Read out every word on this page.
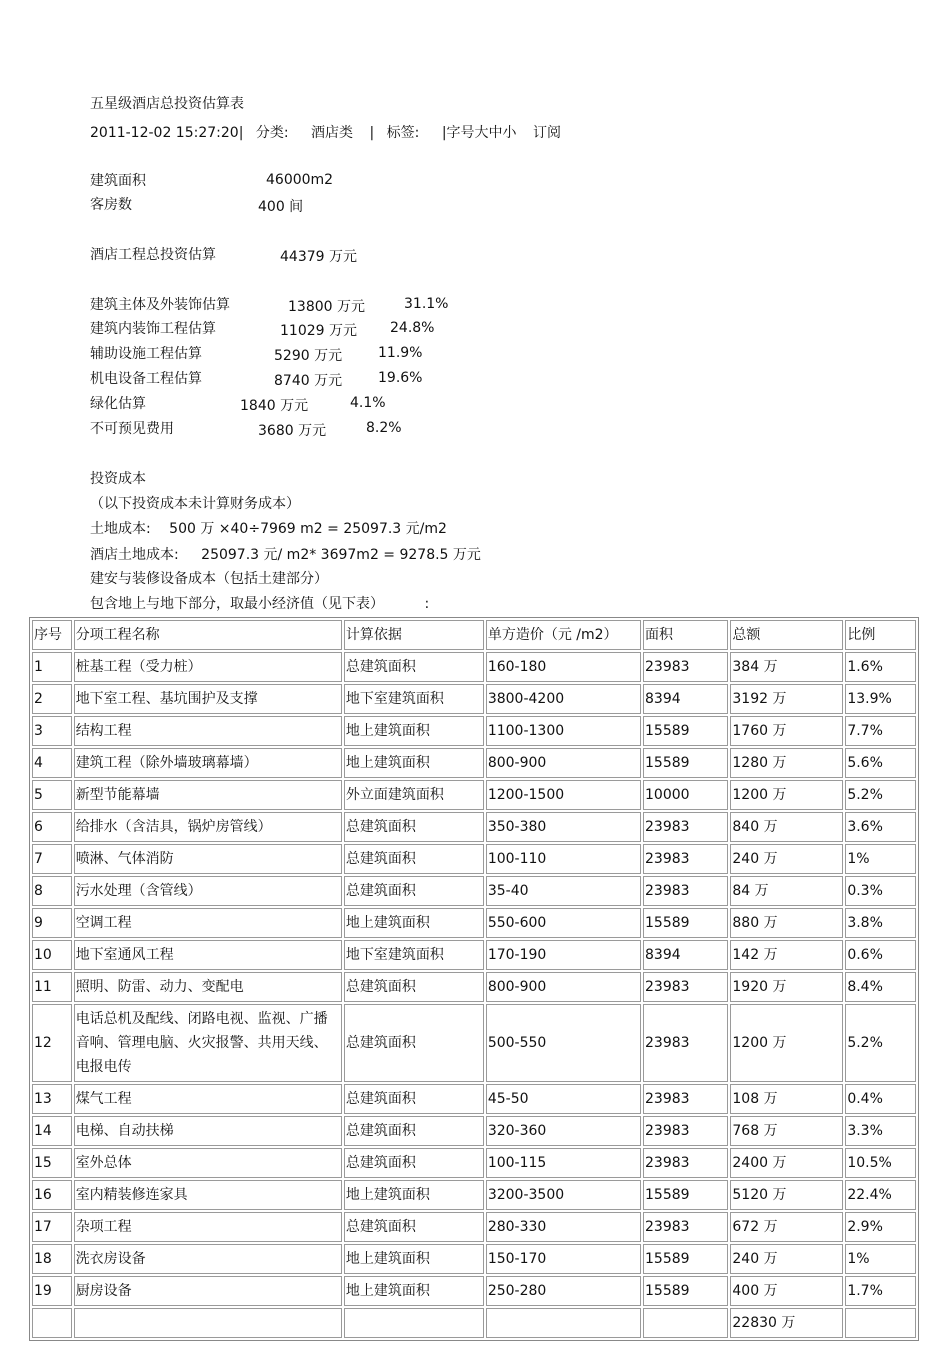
五星级酒店总投资估算表
2011-12-02 15:27:20| 分类: 酒店类 | 标签: |字号大中小 订阅
建筑面积	46000m2
客房数	400 间
酒店工程总投资估算	44379 万元
建筑主体及外装饰估算	13800 万元	31.1%
建筑内装饰工程估算	11029 万元 24.8%
辅助设施工程估算	5290 万元	11.9%
机电设备工程估算	8740 万元	19.6%
绿化估算	1840 万元	4.1%
不可预见费用	3680 万元	8.2%
投资成本
（以下投资成本未计算财务成本）
土地成本: 500 万 ×40÷7969 m2 = 25097.3 元/m2
酒店土地成本: 25097.3 元/ m2* 3697m2 = 9278.5 万元
建安与装修设备成本（包括土建部分）
包含地上与地下部分，取最小经济值（见下表）	:
序号	分项工程名称	计算依据	单方造价（元 /m2）	面积	总额	比例
1	桩基工程（受力桩）	总建筑面积	160-180	23983	384 万	1.6%
2	地下室工程、基坑围护及支撑	地下室建筑面积	3800-4200	8394	3192 万	13.9%
3	结构工程	地上建筑面积	1100-1300	15589	1760 万	7.7%
4	建筑工程（除外墙玻璃幕墙）	地上建筑面积	800-900	15589	1280 万	5.6%
5	新型节能幕墙	外立面建筑面积	1200-1500	10000	1200 万	5.2%
6	给排水（含洁具，锅炉房管线）	总建筑面积	350-380	23983	840 万	3.6%
7	喷淋、气体消防	总建筑面积	100-110	23983	240 万	1%
8	污水处理（含管线）	总建筑面积	35-40	23983	84 万	0.3%
9	空调工程	地上建筑面积	550-600	15589	880 万	3.8%
10	地下室通风工程	地下室建筑面积	170-190	8394	142 万	0.6%
11	照明、防雷、动力、变配电	总建筑面积	800-900	23983	1920 万	8.4%
12	电话总机及配线、闭路电视、监视、广播音响、管理电脑、火灾报警、共用天线、电报电传	总建筑面积	500-550	23983	1200 万	5.2%
13	煤气工程	总建筑面积	45-50	23983	108 万	0.4%
14	电梯、自动扶梯	总建筑面积	320-360	23983	768 万	3.3%
15	室外总体	总建筑面积	100-115	23983	2400 万	10.5%
16	室内精装修连家具	地上建筑面积	3200-3500	15589	5120 万	22.4%
17	杂项工程	总建筑面积	280-330	23983	672 万	2.9%
18	洗衣房设备	地上建筑面积	150-170	15589	240 万	1%
19	厨房设备	地上建筑面积	250-280	15589	400 万	1.7%
					22830 万	
